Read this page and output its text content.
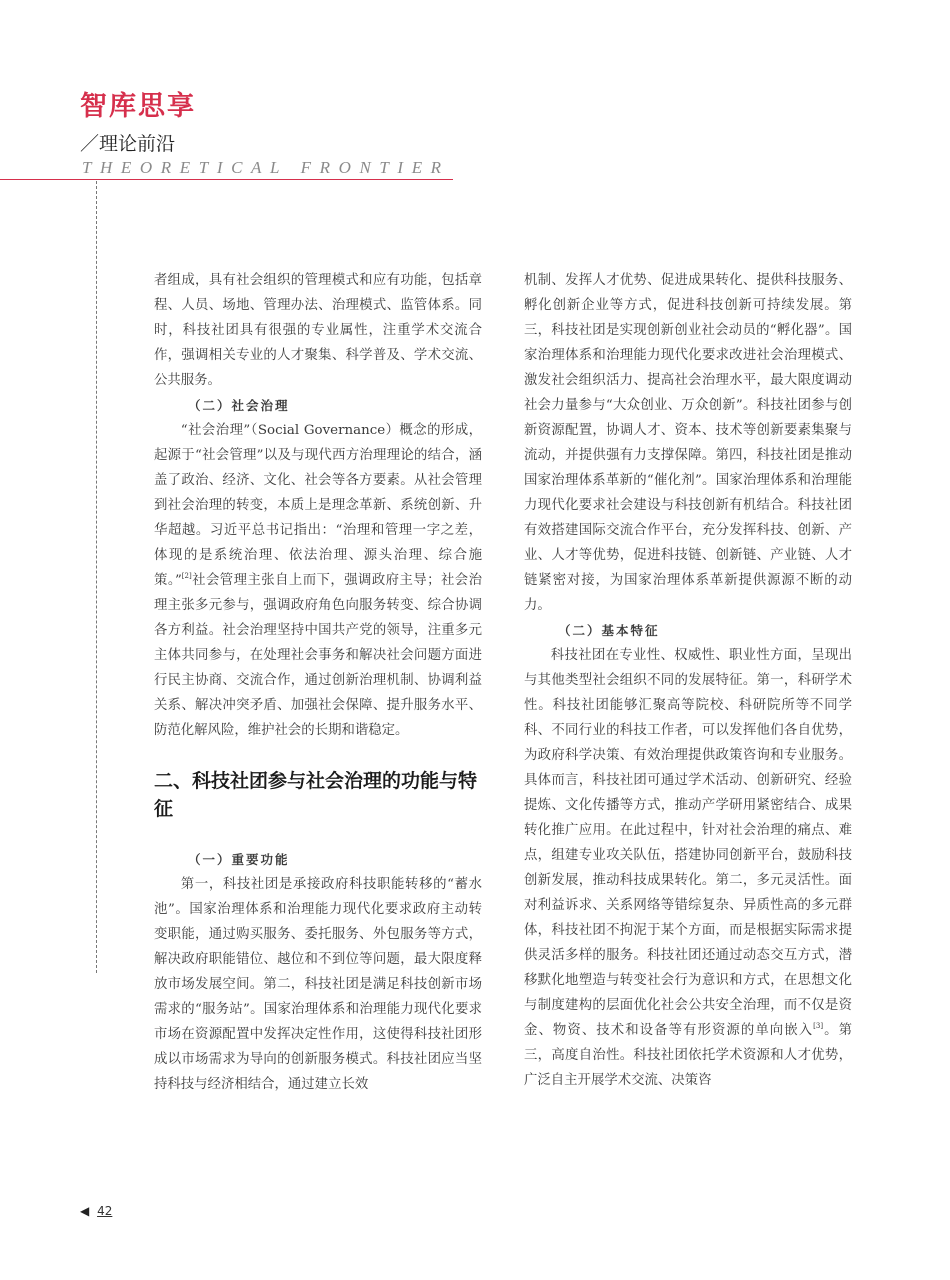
智库思享
／理论前沿
THEORETICAL FRONTIER

者组成，具有社会组织的管理模式和应有功能，包括章程、人员、场地、管理办法、治理模式、监管体系。同时，科技社团具有很强的专业属性，注重学术交流合作，强调相关专业的人才聚集、科学普及、学术交流、公共服务。

（二）社会治理

“社会治理”（Social Governance）概念的形成，起源于“社会管理”以及与现代西方治理理论的结合，涵盖了政治、经济、文化、社会等各方要素。从社会管理到社会治理的转变，本质上是理念革新、系统创新、升华超越。习近平总书记指出：“治理和管理一字之差，体现的是系统治理、依法治理、源头治理、综合施策。”[2]社会管理主张自上而下，强调政府主导；社会治理主张多元参与，强调政府角色向服务转变、综合协调各方利益。社会治理坚持中国共产党的领导，注重多元主体共同参与，在处理社会事务和解决社会问题方面进行民主协商、交流合作，通过创新治理机制、协调利益关系、解决冲突矛盾、加强社会保障、提升服务水平、防范化解风险，维护社会的长期和谐稳定。

二、科技社团参与社会治理的功能与特征
（一）重要功能

第一，科技社团是承接政府科技职能转移的“蓄水池”。国家治理体系和治理能力现代化要求政府主动转变职能，通过购买服务、委托服务、外包服务等方式，解决政府职能错位、越位和不到位等问题，最大限度释放市场发展空间。第二，科技社团是满足科技创新市场需求的“服务站”。国家治理体系和治理能力现代化要求市场在资源配置中发挥决定性作用，这使得科技社团形成以市场需求为导向的创新服务模式。科技社团应当坚持科技与经济相结合，通过建立长效

机制、发挥人才优势、促进成果转化、提供科技服务、孵化创新企业等方式，促进科技创新可持续发展。第三，科技社团是实现创新创业社会动员的“孵化器”。国家治理体系和治理能力现代化要求改进社会治理模式、激发社会组织活力、提高社会治理水平，最大限度调动社会力量参与“大众创业、万众创新”。科技社团参与创新资源配置，协调人才、资本、技术等创新要素集聚与流动，并提供强有力支撑保障。第四，科技社团是推动国家治理体系革新的“催化剂”。国家治理体系和治理能力现代化要求社会建设与科技创新有机结合。科技社团有效搭建国际交流合作平台，充分发挥科技、创新、产业、人才等优势，促进科技链、创新链、产业链、人才链紧密对接，为国家治理体系革新提供源源不断的动力。

（二）基本特征

科技社团在专业性、权威性、职业性方面，呈现出与其他类型社会组织不同的发展特征。第一，科研学术性。科技社团能够汇聚高等院校、科研院所等不同学科、不同行业的科技工作者，可以发挥他们各自优势，为政府科学决策、有效治理提供政策咨询和专业服务。具体而言，科技社团可通过学术活动、创新研究、经验提炼、文化传播等方式，推动产学研用紧密结合、成果转化推广应用。在此过程中，针对社会治理的痛点、难点，组建专业攻关队伍，搭建协同创新平台，鼓励科技创新发展，推动科技成果转化。第二，多元灵活性。面对利益诉求、关系网络等错综复杂、异质性高的多元群体，科技社团不拘泥于某个方面，而是根据实际需求提供灵活多样的服务。科技社团还通过动态交互方式，潜移默化地塑造与转变社会行为意识和方式，在思想文化与制度建构的层面优化社会公共安全治理，而不仅是资金、物资、技术和设备等有形资源的单向嵌入[3]。第三，高度自治性。科技社团依托学术资源和人才优势，广泛自主开展学术交流、决策咨

◀ 42
